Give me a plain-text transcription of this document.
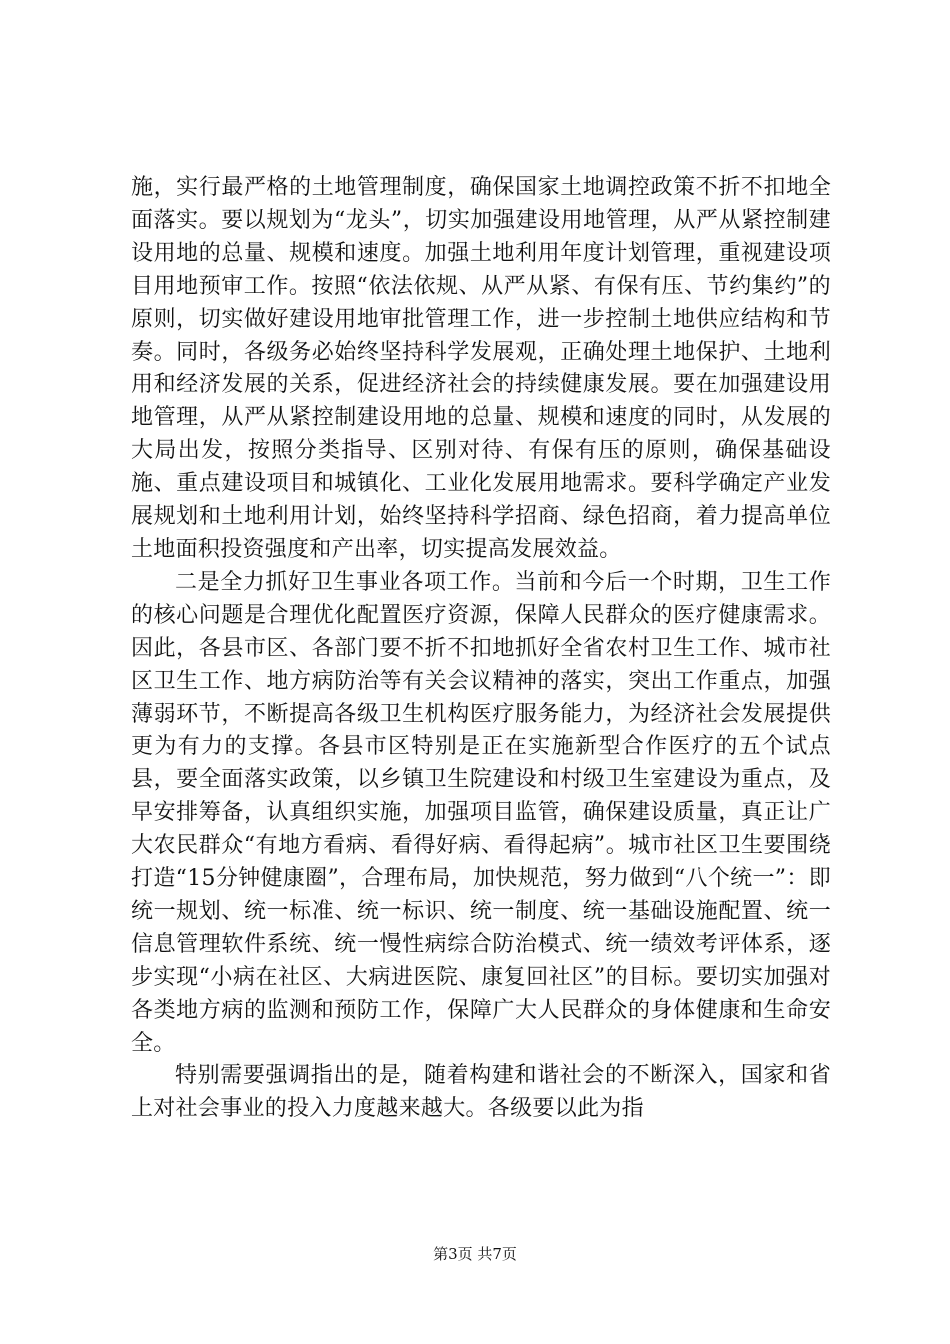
施，实行最严格的土地管理制度，确保国家土地调控政策不折不扣地全面落实。要以规划为“龙头”，切实加强建设用地管理，从严从紧控制建设用地的总量、规模和速度。加强土地利用年度计划管理，重视建设项目用地预审工作。按照“依法依规、从严从紧、有保有压、节约集约”的原则，切实做好建设用地审批管理工作，进一步控制土地供应结构和节奏。同时，各级务必始终坚持科学发展观，正确处理土地保护、土地利用和经济发展的关系，促进经济社会的持续健康发展。要在加强建设用地管理，从严从紧控制建设用地的总量、规模和速度的同时，从发展的大局出发，按照分类指导、区别对待、有保有压的原则，确保基础设施、重点建设项目和城镇化、工业化发展用地需求。要科学确定产业发展规划和土地利用计划，始终坚持科学招商、绿色招商，着力提高单位土地面积投资强度和产出率，切实提高发展效益。

二是全力抓好卫生事业各项工作。当前和今后一个时期，卫生工作的核心问题是合理优化配置医疗资源，保障人民群众的医疗健康需求。因此，各县市区、各部门要不折不扣地抓好全省农村卫生工作、城市社区卫生工作、地方病防治等有关会议精神的落实，突出工作重点，加强薄弱环节，不断提高各级卫生机构医疗服务能力，为经济社会发展提供更为有力的支撑。各县市区特别是正在实施新型合作医疗的五个试点县，要全面落实政策，以乡镇卫生院建设和村级卫生室建设为重点，及早安排筹备，认真组织实施，加强项目监管，确保建设质量，真正让广大农民群众“有地方看病、看得好病、看得起病”。城市社区卫生要围绕打造“15分钟健康圈”，合理布局，加快规范，努力做到“八个统一”：即统一规划、统一标准、统一标识、统一制度、统一基础设施配置、统一信息管理软件系统、统一慢性病综合防治模式、统一绩效考评体系，逐步实现“小病在社区、大病进医院、康复回社区”的目标。要切实加强对各类地方病的监测和预防工作，保障广大人民群众的身体健康和生命安全。

特别需要强调指出的是，随着构建和谐社会的不断深入，国家和省上对社会事业的投入力度越来越大。各级要以此为指

第3页 共7页
